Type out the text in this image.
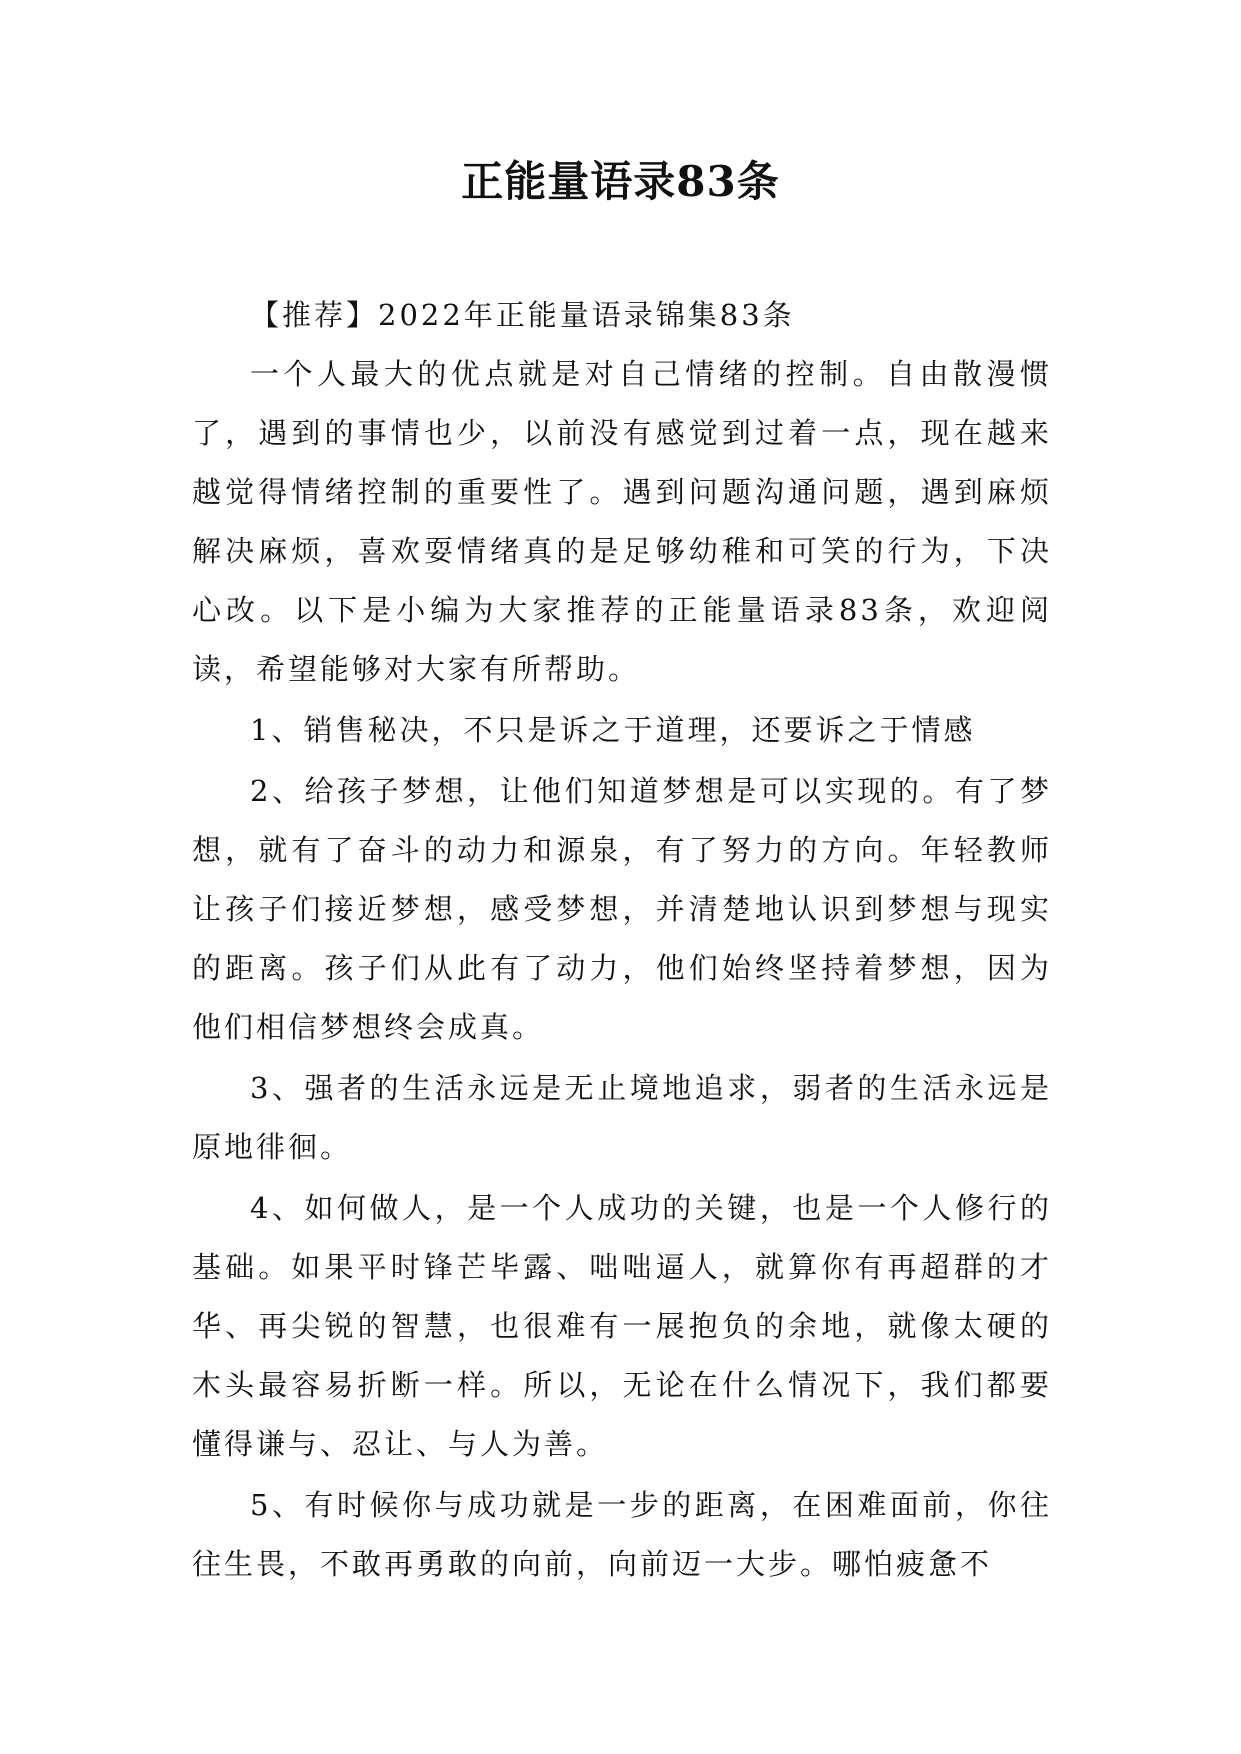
正能量语录83条

【推荐】2022年正能量语录锦集83条

一个人最大的优点就是对自己情绪的控制。自由散漫惯了，遇到的事情也少，以前没有感觉到过着一点，现在越来越觉得情绪控制的重要性了。遇到问题沟通问题，遇到麻烦解决麻烦，喜欢耍情绪真的是足够幼稚和可笑的行为，下决心改。以下是小编为大家推荐的正能量语录83条，欢迎阅读，希望能够对大家有所帮助。

1、销售秘决，不只是诉之于道理，还要诉之于情感

2、给孩子梦想，让他们知道梦想是可以实现的。有了梦想，就有了奋斗的动力和源泉，有了努力的方向。年轻教师让孩子们接近梦想，感受梦想，并清楚地认识到梦想与现实的距离。孩子们从此有了动力，他们始终坚持着梦想，因为他们相信梦想终会成真。

3、强者的生活永远是无止境地追求，弱者的生活永远是原地徘徊。

4、如何做人，是一个人成功的关键，也是一个人修行的基础。如果平时锋芒毕露、咄咄逼人，就算你有再超群的才华、再尖锐的智慧，也很难有一展抱负的余地，就像太硬的木头最容易折断一样。所以，无论在什么情况下，我们都要懂得谦与、忍让、与人为善。

5、有时候你与成功就是一步的距离，在困难面前，你往往生畏，不敢再勇敢的向前，向前迈一大步。哪怕疲惫不
